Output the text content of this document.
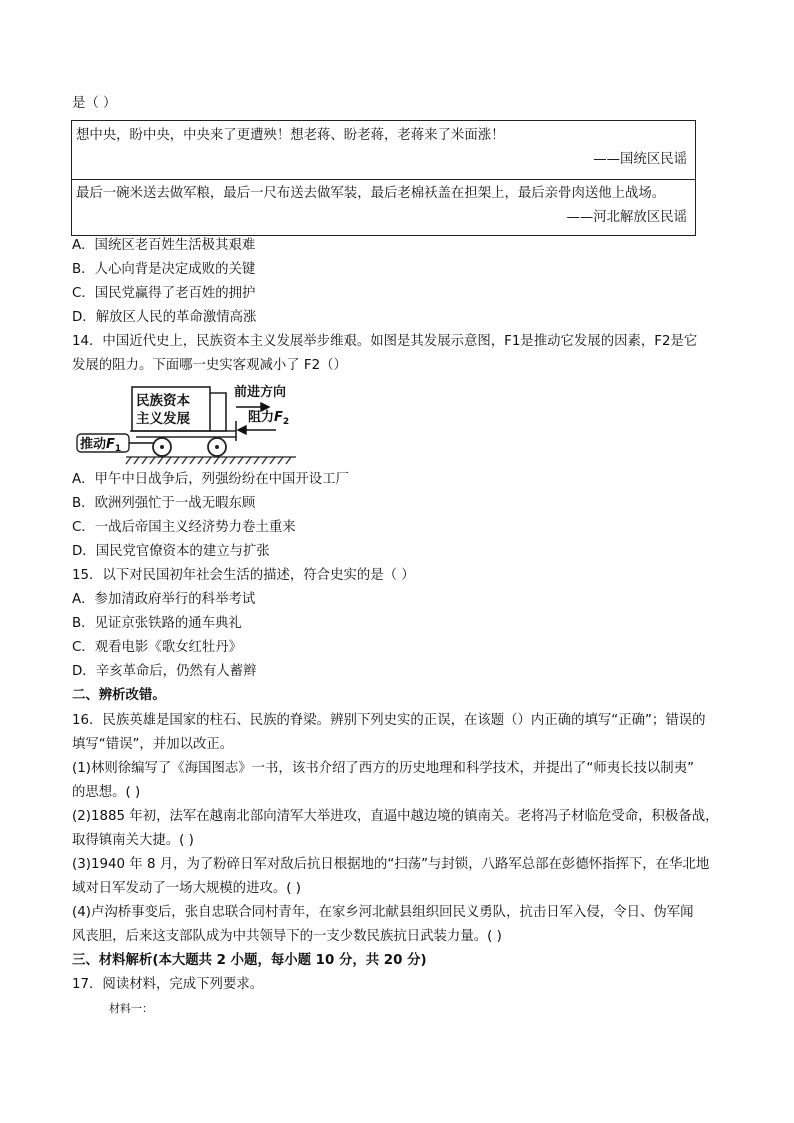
是（ ）
想中央，盼中央，中央来了更遭殃！想老蒋、盼老蒋，老蒋来了米面涨！
——国统区民谣
最后一碗米送去做军粮，最后一尺布送去做军装，最后老棉袄盖在担架上，最后亲骨肉送他上战场。
——河北解放区民谣
A．国统区老百姓生活极其艰难
B．人心向背是决定成败的关键
C．国民党赢得了老百姓的拥护
D．解放区人民的革命激情高涨
14．中国近代史上，民族资本主义发展举步维艰。如图是其发展示意图，F1是推动它发展的因素，F2是它
发展的阻力。下面哪一史实客观减小了 F2（）
民族资本
主义发展
前进方向
阻力$F_2$
推动$F_1$
A．甲午中日战争后，列强纷纷在中国开设工厂
B．欧洲列强忙于一战无暇东顾
C．一战后帝国主义经济势力卷土重来
D．国民党官僚资本的建立与扩张
15．以下对民国初年社会生活的描述，符合史实的是（ ）
A．参加清政府举行的科举考试
B．见证京张铁路的通车典礼
C．观看电影《歌女红牡丹》
D．辛亥革命后，仍然有人蓄辫
二、辨析改错。
16．民族英雄是国家的柱石、民族的脊梁。辨别下列史实的正误，在该题（）内正确的填写“正确”；错误的
填写“错误”，并加以改正。
(1)林则徐编写了《海国图志》一书，该书介绍了西方的历史地理和科学技术，并提出了“师夷长技以制夷”
的思想。( )
(2)1885 年初，法军在越南北部向清军大举进攻，直逼中越边境的镇南关。老将冯子材临危受命，积极备战，
取得镇南关大捷。( )
(3)1940 年 8 月，为了粉碎日军对敌后抗日根据地的“扫荡”与封锁，八路军总部在彭德怀指挥下，在华北地
域对日军发动了一场大规模的进攻。( )
(4)卢沟桥事变后，张自忠联合同村青年，在家乡河北献县组织回民义勇队，抗击日军入侵，令日、伪军闻
风丧胆，后来这支部队成为中共领导下的一支少数民族抗日武装力量。( )
三、材料解析(本大题共 2 小题，每小题 10 分，共 20 分)
17．阅读材料，完成下列要求。
材料一：
